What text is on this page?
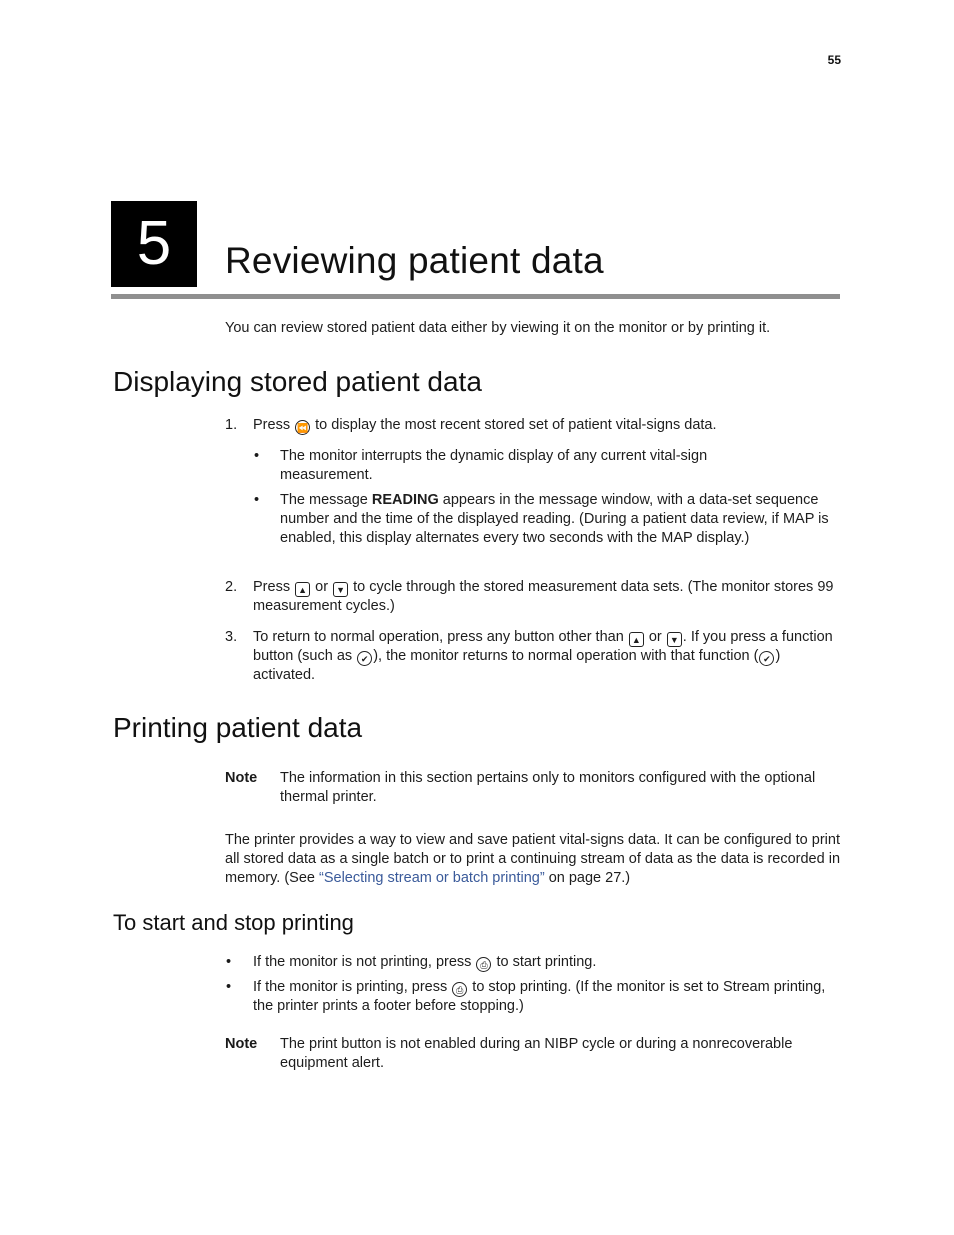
55
5	Reviewing patient data
You can review stored patient data either by viewing it on the monitor or by printing it.
Displaying stored patient data
1. Press ⏪ to display the most recent stored set of patient vital-signs data.
• The monitor interrupts the dynamic display of any current vital-sign measurement.
• The message READING appears in the message window, with a data-set sequence number and the time of the displayed reading. (During a patient data review, if MAP is enabled, this display alternates every two seconds with the MAP display.)
2. Press ▲ or ▼ to cycle through the stored measurement data sets. (The monitor stores 99 measurement cycles.)
3. To return to normal operation, press any button other than ▲ or ▼ . If you press a function button (such as ✔ ), the monitor returns to normal operation with that function ( ✔ ) activated.
Printing patient data
Note The information in this section pertains only to monitors configured with the optional thermal printer.
The printer provides a way to view and save patient vital-signs data. It can be configured to print all stored data as a single batch or to print a continuing stream of data as the data is recorded in memory. (See “Selecting stream or batch printing” on page 27.)
To start and stop printing
• If the monitor is not printing, press ⎙ to start printing.
• If the monitor is printing, press ⎙ to stop printing. (If the monitor is set to Stream printing, the printer prints a footer before stopping.)
Note The print button is not enabled during an NIBP cycle or during a nonrecoverable equipment alert.
